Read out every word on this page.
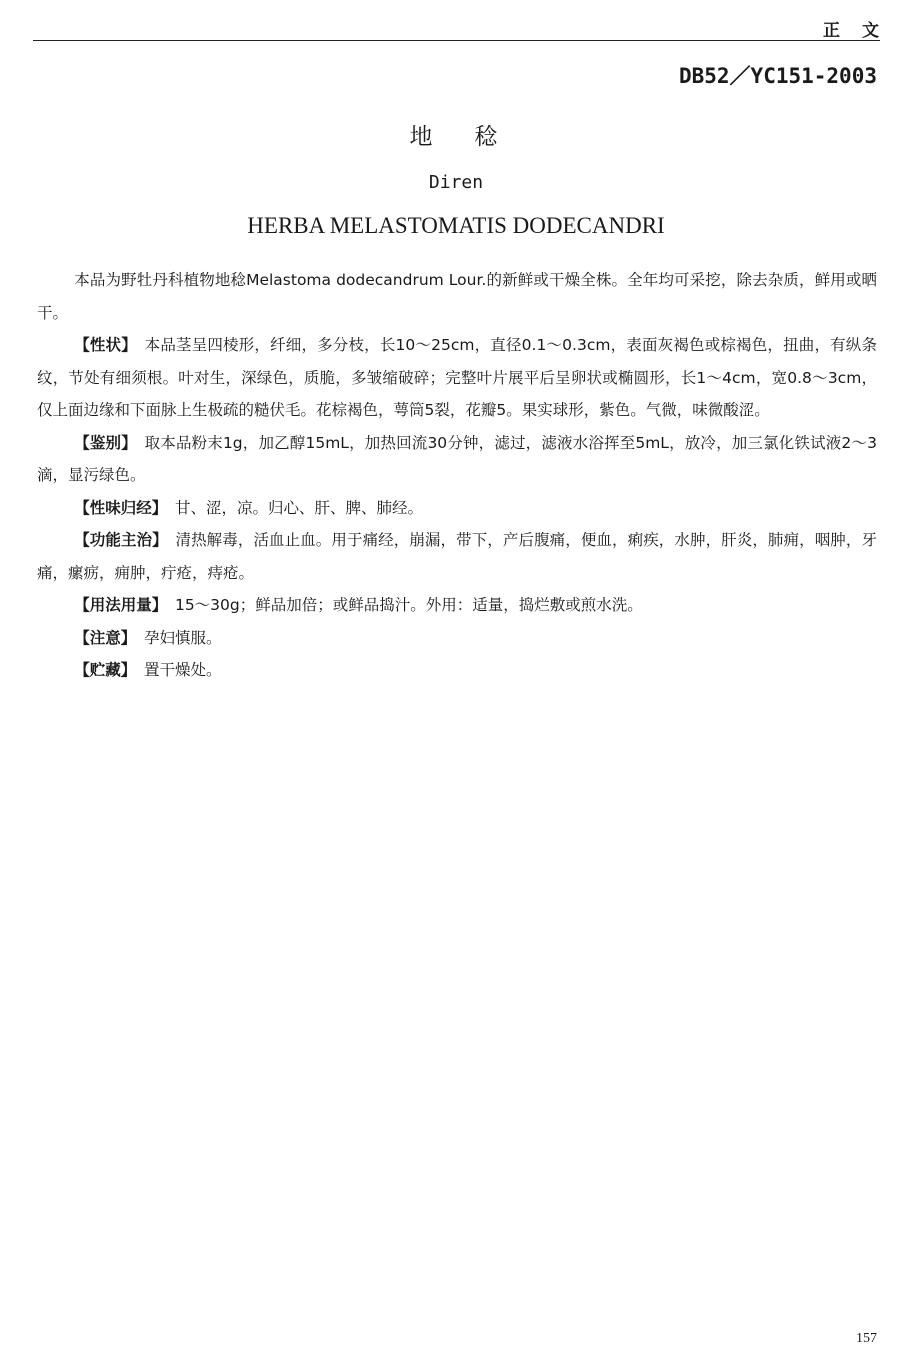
正文
DB52／YC151-2003
地稔
Diren
HERBA MELASTOMATIS DODECANDRI

本品为野牡丹科植物地稔Melastoma dodecandrum Lour.的新鲜或干燥全株。全年均可采挖，除去杂质，鲜用或晒干。

【性状】 本品茎呈四棱形，纤细，多分枝，长10～25cm，直径0.1～0.3cm，表面灰褐色或棕褐色，扭曲，有纵条纹，节处有细须根。叶对生，深绿色，质脆，多皱缩破碎；完整叶片展平后呈卵状或椭圆形，长1～4cm，宽0.8～3cm，仅上面边缘和下面脉上生极疏的糙伏毛。花棕褐色，萼筒5裂，花瓣5。果实球形，紫色。气微，味微酸涩。

【鉴别】 取本品粉末1g，加乙醇15mL，加热回流30分钟，滤过，滤液水浴挥至5mL，放冷，加三氯化铁试液2～3滴，显污绿色。

【性味归经】 甘、涩，凉。归心、肝、脾、肺经。

【功能主治】 清热解毒，活血止血。用于痛经，崩漏，带下，产后腹痛，便血，痢疾，水肿，肝炎，肺痈，咽肿，牙痛，瘰疬，痈肿，疔疮，痔疮。

【用法用量】 15～30g；鲜品加倍；或鲜品捣汁。外用：适量，捣烂敷或煎水洗。

【注意】 孕妇慎服。

【贮藏】 置干燥处。

157
